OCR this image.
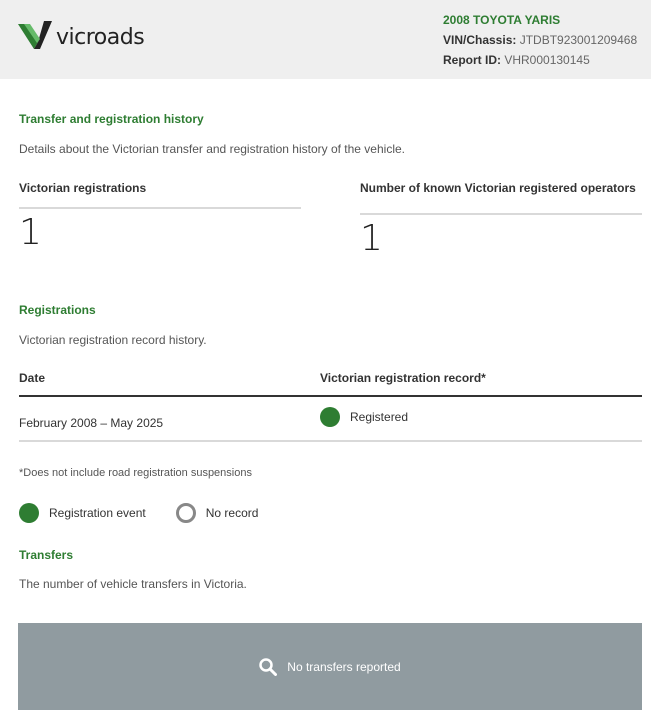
vicroads
2008 TOYOTA YARIS
VIN/Chassis: JTDBT923001209468
Report ID: VHR000130145
Transfer and registration history
Details about the Victorian transfer and registration history of the vehicle.
Victorian registrations
1
Number of known Victorian registered operators
1
Registrations
Victorian registration record history.
Date	Victorian registration record*
February 2008 – May 2025	Registered
*Does not include road registration suspensions
Registration event	No record
Transfers
The number of vehicle transfers in Victoria.
No transfers reported
